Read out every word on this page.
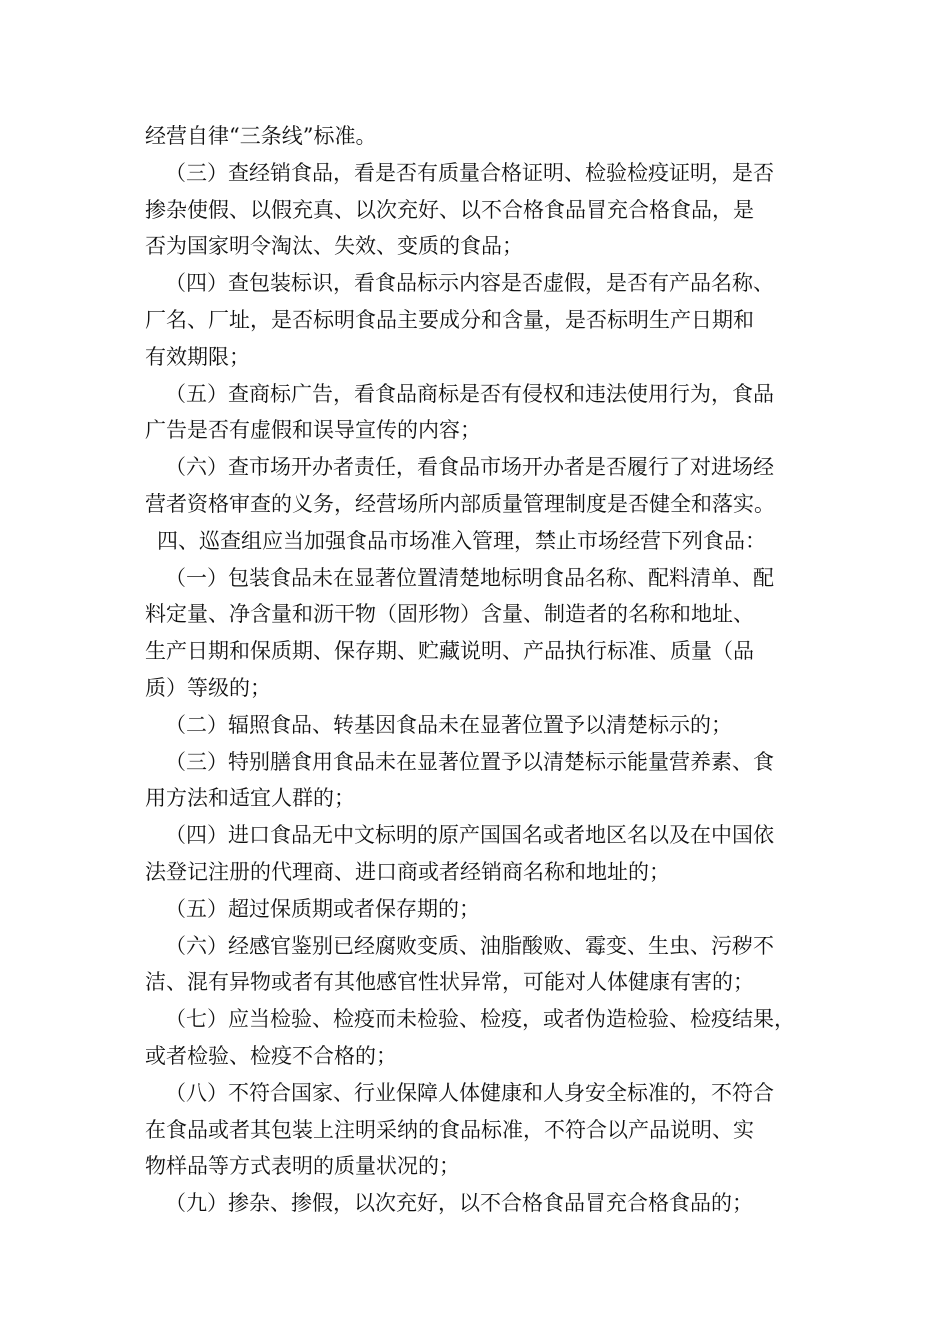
经营自律“三条线”标准。
（三）查经销食品，看是否有质量合格证明、检验检疫证明，是否
掺杂使假、以假充真、以次充好、以不合格食品冒充合格食品，是
否为国家明令淘汰、失效、变质的食品；
（四）查包装标识，看食品标示内容是否虚假，是否有产品名称、
厂名、厂址，是否标明食品主要成分和含量，是否标明生产日期和
有效期限；
（五）查商标广告，看食品商标是否有侵权和违法使用行为，食品
广告是否有虚假和误导宣传的内容；
（六）查市场开办者责任，看食品市场开办者是否履行了对进场经
营者资格审查的义务，经营场所内部质量管理制度是否健全和落实。
四、巡查组应当加强食品市场准入管理，禁止市场经营下列食品：
（一）包装食品未在显著位置清楚地标明食品名称、配料清单、配
料定量、净含量和沥干物（固形物）含量、制造者的名称和地址、
生产日期和保质期、保存期、贮藏说明、产品执行标准、质量（品
质）等级的；
（二）辐照食品、转基因食品未在显著位置予以清楚标示的；
（三）特别膳食用食品未在显著位置予以清楚标示能量营养素、食
用方法和适宜人群的；
（四）进口食品无中文标明的原产国国名或者地区名以及在中国依
法登记注册的代理商、进口商或者经销商名称和地址的；
（五）超过保质期或者保存期的；
（六）经感官鉴别已经腐败变质、油脂酸败、霉变、生虫、污秽不
洁、混有异物或者有其他感官性状异常，可能对人体健康有害的；
（七）应当检验、检疫而未检验、检疫，或者伪造检验、检疫结果，
或者检验、检疫不合格的；
（八）不符合国家、行业保障人体健康和人身安全标准的，不符合
在食品或者其包装上注明采纳的食品标准，不符合以产品说明、实
物样品等方式表明的质量状况的；
（九）掺杂、掺假，以次充好，以不合格食品冒充合格食品的；
